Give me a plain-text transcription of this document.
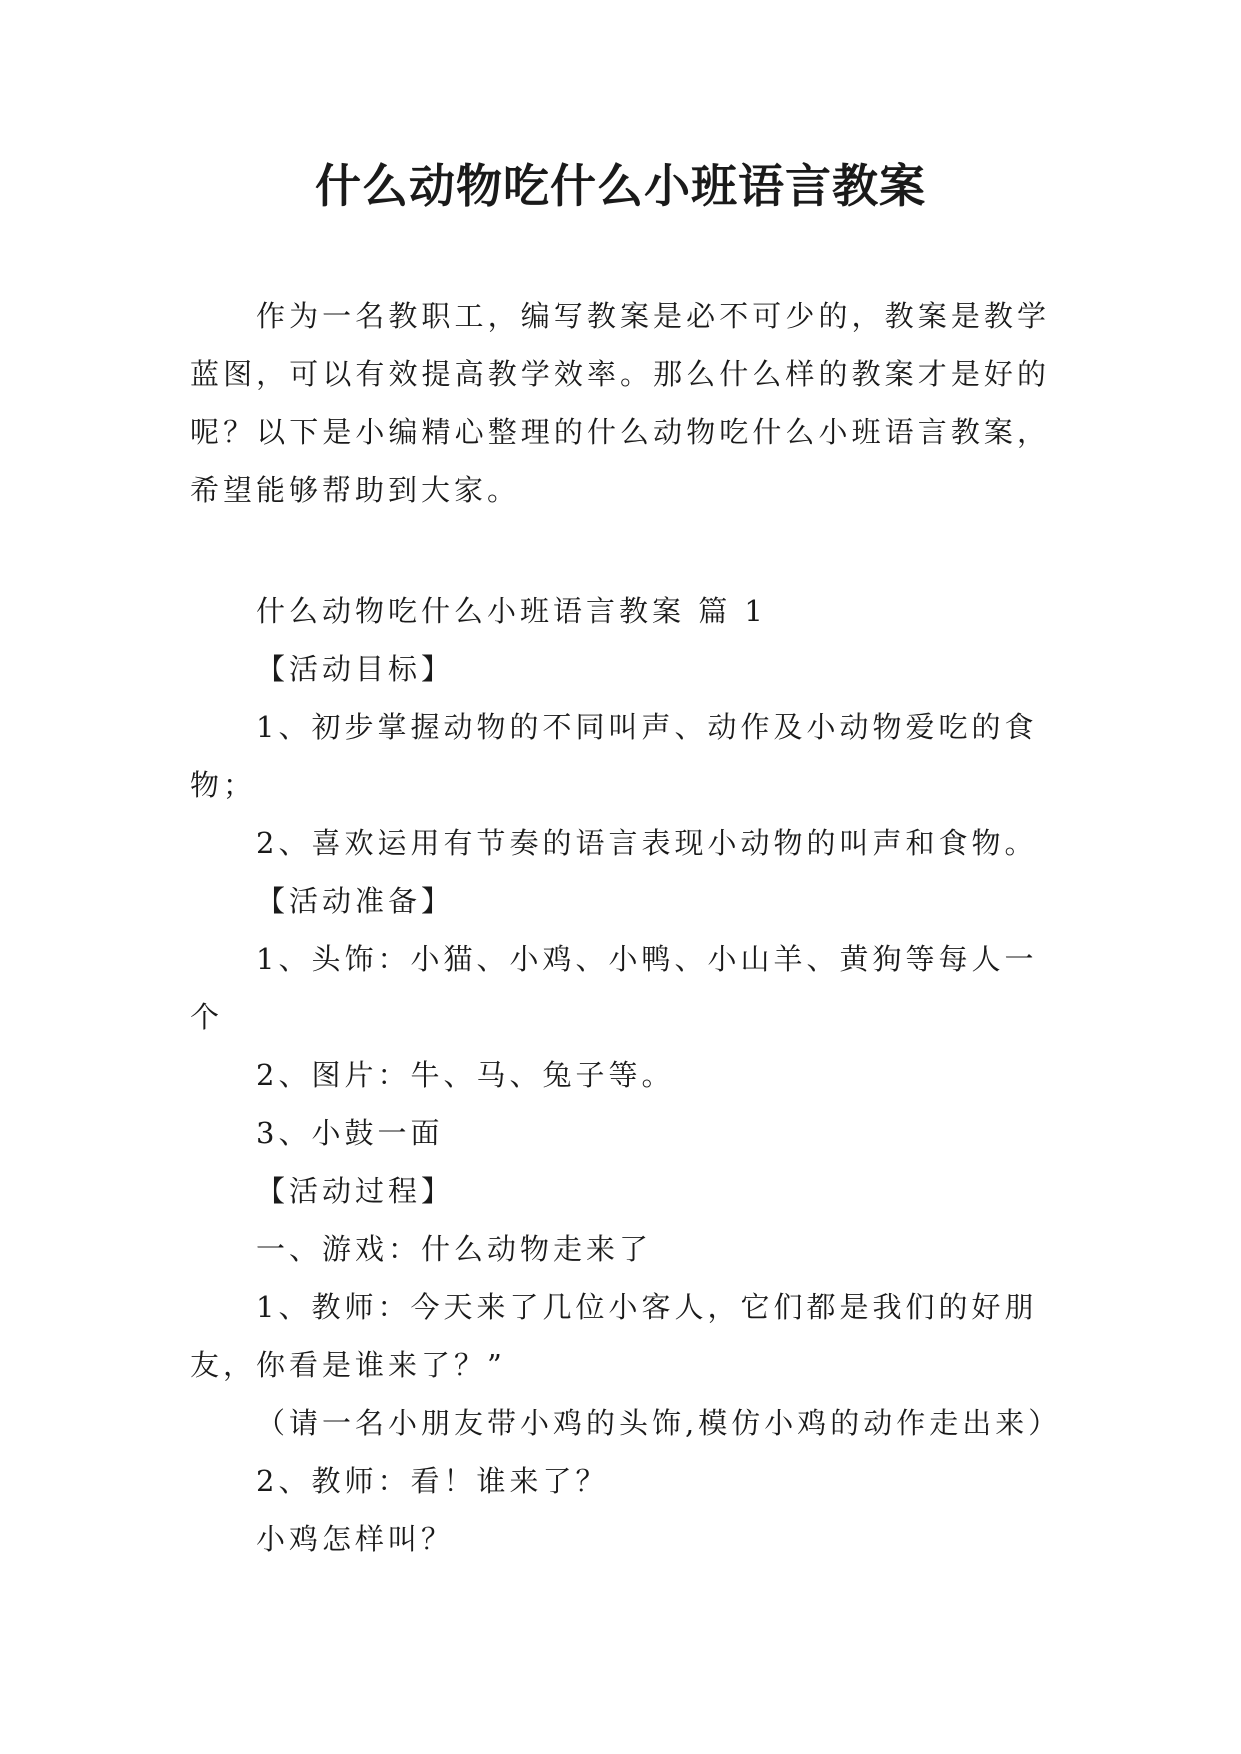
什么动物吃什么小班语言教案

作为一名教职工，编写教案是必不可少的，教案是教学蓝图，可以有效提高教学效率。那么什么样的教案才是好的呢？以下是小编精心整理的什么动物吃什么小班语言教案，希望能够帮助到大家。

什么动物吃什么小班语言教案 篇 1

【活动目标】

1、初步掌握动物的不同叫声、动作及小动物爱吃的食物；

2、喜欢运用有节奏的语言表现小动物的叫声和食物。

【活动准备】

1、头饰：小猫、小鸡、小鸭、小山羊、黄狗等每人一个

2、图片：牛、马、兔子等。

3、小鼓一面

【活动过程】

一、游戏：什么动物走来了

1、教师：今天来了几位小客人，它们都是我们的好朋友，你看是谁来了？”

（请一名小朋友带小鸡的头饰,模仿小鸡的动作走出来）

2、教师：看！谁来了？

小鸡怎样叫？
